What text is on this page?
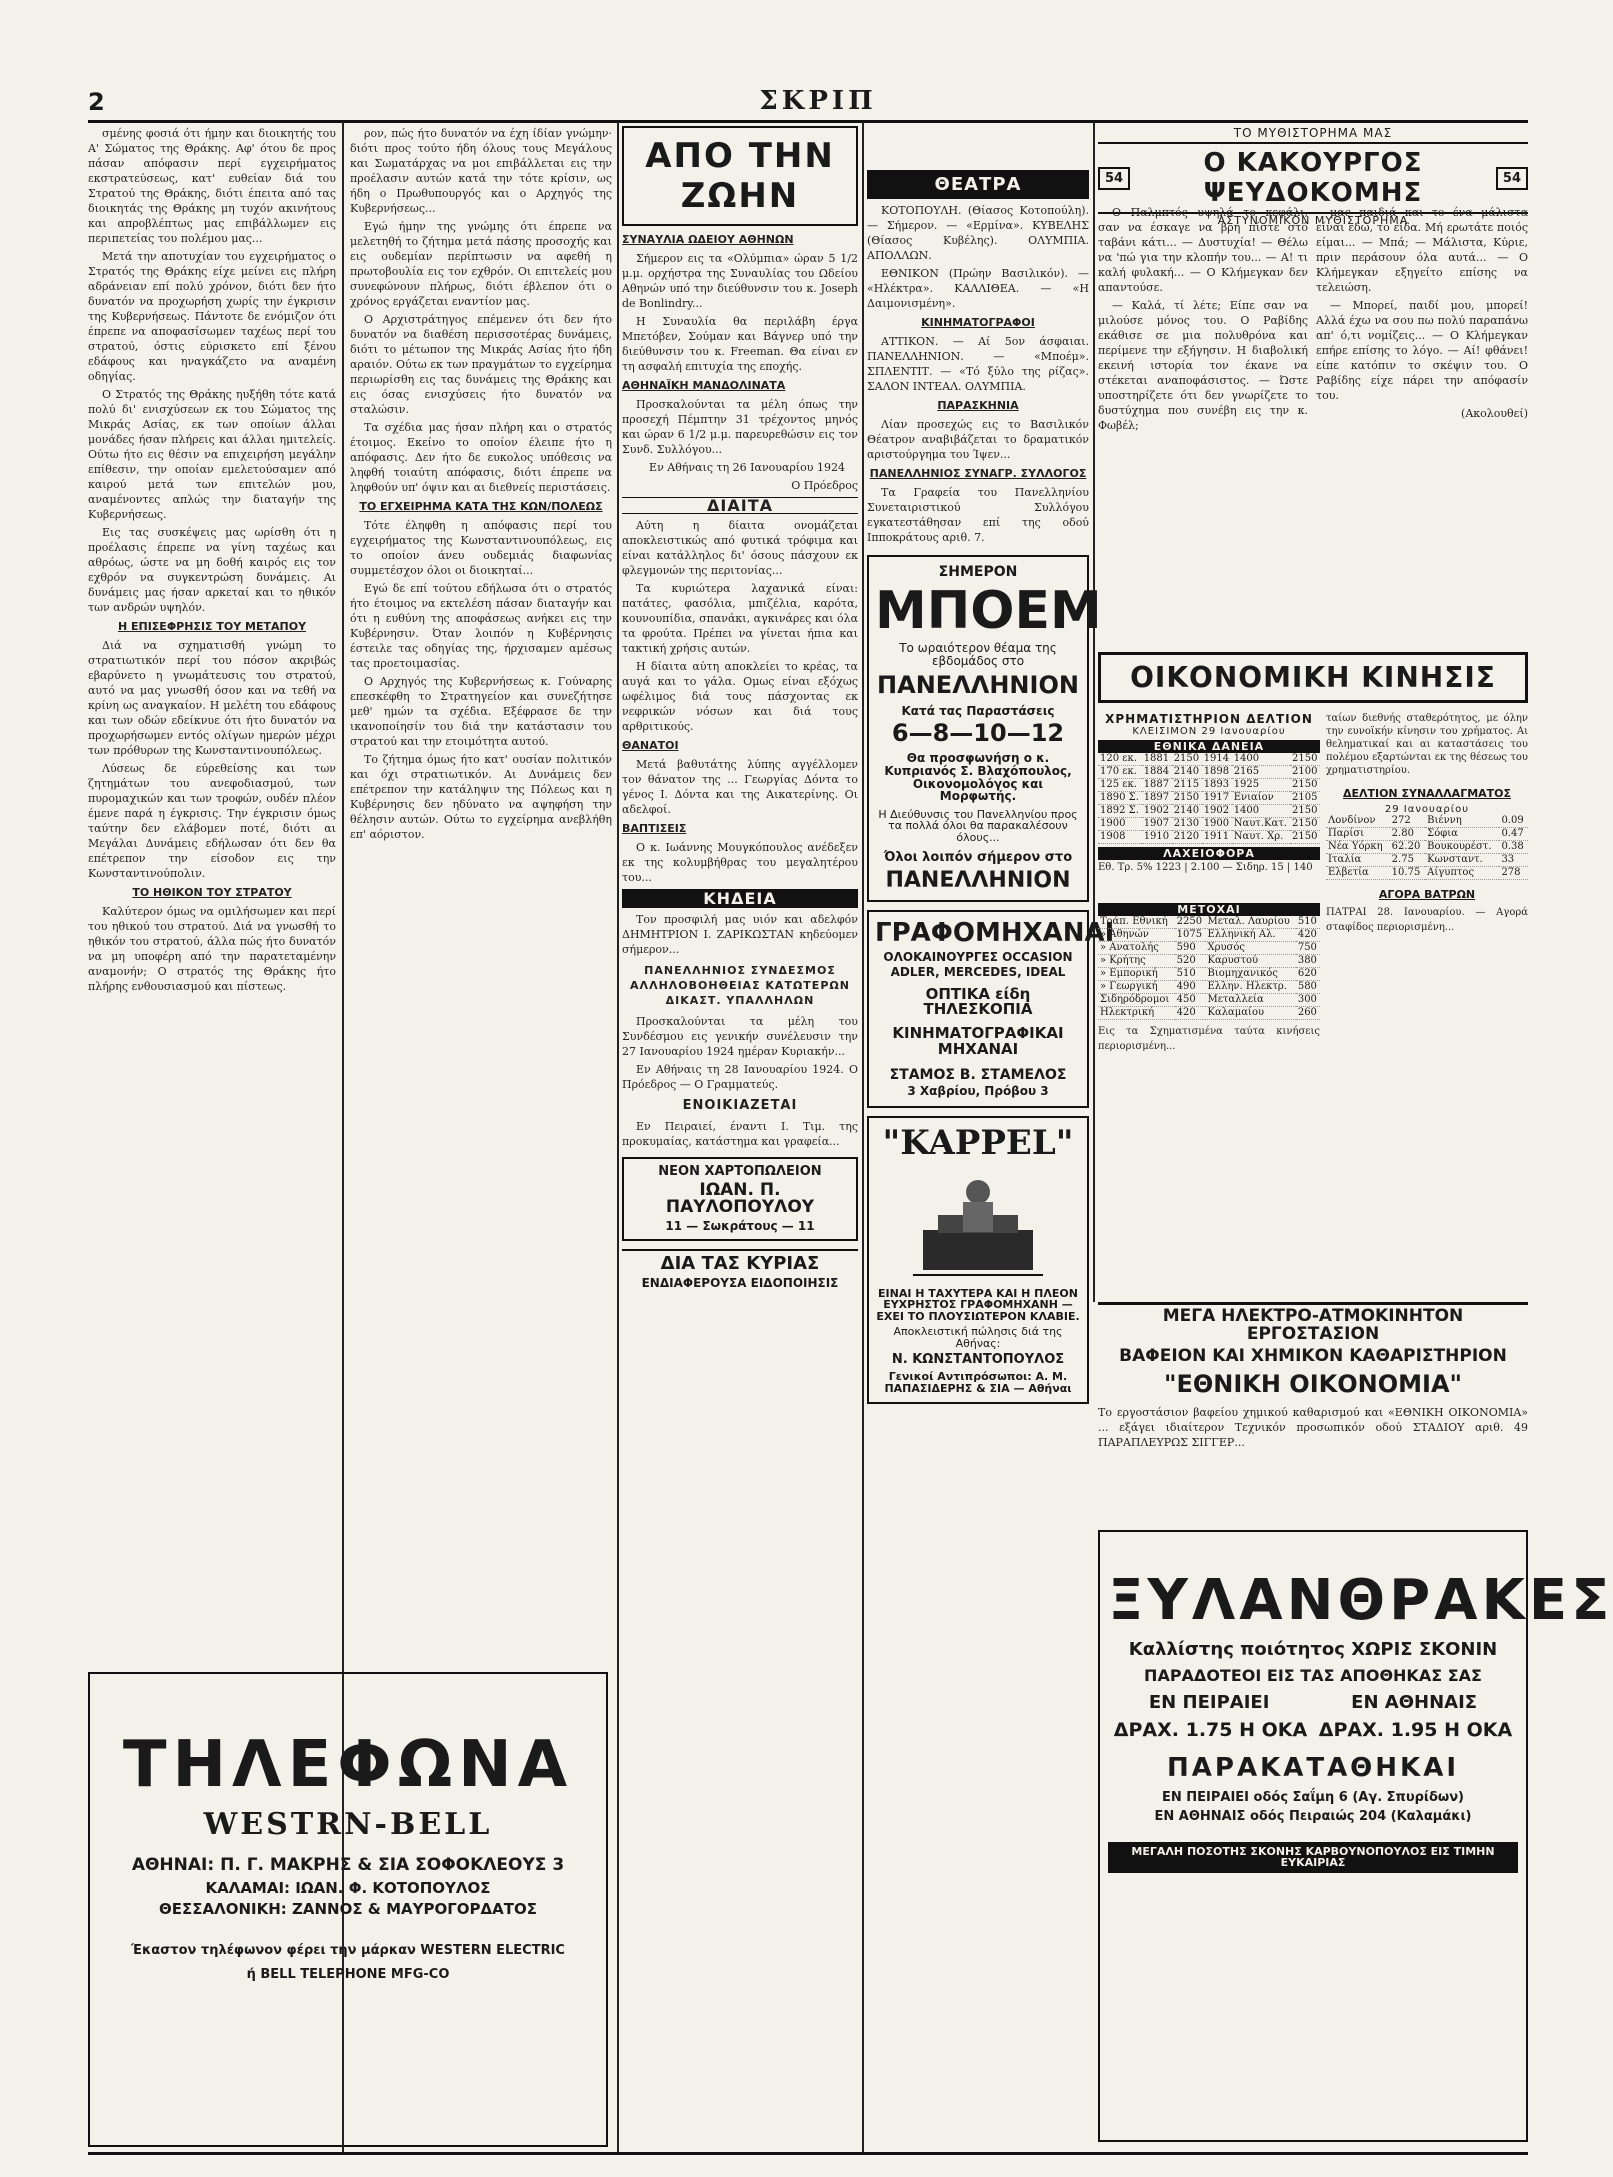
2	ΣΚΡΙΠ

σμένης φοσιά ότι ήμην και διοικητής του Α' Σώματος της Θράκης. Αφ' ότου δε προς πάσαν απόφασιν περί εγχειρήματος εκστρατεύσεως, κατ' ευθείαν διά του Στρατού της Θράκης, διότι έπειτα από τας διοικητάς της Θράκης μη τυχόν ακινήτους και απροβλέπτως μας επιβάλλωμεν εις περιπετείας του πολέμου μας...

Μετά την αποτυχίαν του εγχειρήματος ο Στρατός της Θράκης είχε μείνει εις πλήρη αδράνειαν επί πολύ χρόνον, διότι δεν ήτο δυνατόν να προχωρήση χωρίς την έγκρισιν της Κυβερνήσεως. Πάντοτε δε ενόμιζον ότι έπρεπε να αποφασίσωμεν ταχέως περί του στρατού, όστις εύρισκετο επί ξένου εδάφους και ηναγκάζετο να αναμένη οδηγίας.

Ο Στρατός της Θράκης ηυξήθη τότε κατά πολύ δι' ενισχύσεων εκ του Σώματος της Μικράς Ασίας, εκ των οποίων άλλαι μονάδες ήσαν πλήρεις και άλλαι ημιτελείς. Ούτω ήτο εις θέσιν να επιχειρήση μεγάλην επίθεσιν, την οποίαν εμελετούσαμεν από καιρού μετά των επιτελών μου, αναμένοντες απλώς την διαταγήν της Κυβερνήσεως.

Εις τας συσκέψεις μας ωρίσθη ότι η προέλασις έπρεπε να γίνη ταχέως και αθρόως, ώστε να μη δοθή καιρός εις τον εχθρόν να συγκεντρώση δυνάμεις. Αι δυνάμεις μας ήσαν αρκεταί και το ηθικόν των ανδρών υψηλόν.

Η ΕΠΙΣΕΦΡΗΣΙΣ ΤΟΥ ΜΕΤΑΠΟΥ

Διά να σχηματισθή γνώμη το στρατιωτικόν περί του πόσον ακριβώς εβαρύνετο η γνωμάτευσις του στρατού, αυτό να μας γνωσθή όσον και να τεθή να κρίνη ως αναγκαίον. Η μελέτη του εδάφους και των οδών εδείκνυε ότι ήτο δυνατόν να προχωρήσωμεν εντός ολίγων ημερών μέχρι των πρόθυρων της Κωνσταντινουπόλεως.

Λύσεως δε εύρεθείσης και των ζητημάτων του ανεφοδιασμού, των πυρομαχικών και των τροφών, ουδέν πλέον έμενε παρά η έγκρισις. Την έγκρισιν όμως ταύτην δεν ελάβομεν ποτέ, διότι αι Μεγάλαι Δυνάμεις εδήλωσαν ότι δεν θα επέτρεπον την είσοδον εις την Κωνσταντινούπολιν.

ΤΟ ΗΘΙΚΟΝ ΤΟΥ ΣΤΡΑΤΟΥ

Καλύτερον όμως να ομιλήσωμεν και περί του ηθικού του στρατού. Διά να γνωσθή το ηθικόν του στρατού, άλλα πώς ήτο δυνατόν να μη υποφέρη από την παρατεταμένην αναμονήν; Ο στρατός της Θράκης ήτο πλήρης ενθουσιασμού και πίστεως.

ΤΗΛΕΦΩΝΑ
WESTRN-BELL
ΑΘΗΝΑΙ: Π. Γ. ΜΑΚΡΗΣ & ΣΙΑ ΣΟΦΟΚΛΕΟΥΣ 3
ΚΑΛΑΜΑΙ: ΙΩΑΝ. Φ. ΚΟΤΟΠΟΥΛΟΣ
ΘΕΣΣΑΛΟΝΙΚΗ: ΖΑΝΝΟΣ & ΜΑΥΡΟΓΟΡΔΑΤΟΣ
Έκαστον τηλέφωνον φέρει την μάρκαν WESTERN ELECTRIC
ή BELL TELEPHONE MFG-CO

ρον, πώς ήτο δυνατόν να έχη ίδίαν γνώμην· διότι προς τούτο ήδη όλους τους Μεγάλους και Σωματάρχας να μοι επιβάλλεται εις την προέλασιν αυτών κατά την τότε κρίσιν, ως ήδη ο Πρωθυπουργός και ο Αρχηγός της Κυβερνήσεως...

Εγώ ήμην της γνώμης ότι έπρεπε να μελετηθή το ζήτημα μετά πάσης προσοχής και εις ουδεμίαν περίπτωσιν να αφεθή η πρωτοβουλία εις τον εχθρόν. Οι επιτελείς μου συνεφώνουν πλήρως, διότι έβλεπον ότι ο χρόνος εργάζεται εναντίον μας.

Ο Αρχιστράτηγος επέμενεν ότι δεν ήτο δυνατόν να διαθέση περισσοτέρας δυνάμεις, διότι το μέτωπον της Μικράς Ασίας ήτο ήδη αραιόν. Ούτω εκ των πραγμάτων το εγχείρημα περιωρίσθη εις τας δυνάμεις της Θράκης και εις όσας ενισχύσεις ήτο δυνατόν να σταλώσιν.

Τα σχέδια μας ήσαν πλήρη και ο στρατός έτοιμος. Εκείνο το οποίον έλειπε ήτο η απόφασις. Δεν ήτο δε ευκολος υπόθεσις να ληφθή τοιαύτη απόφασις, διότι έπρεπε να ληφθούν υπ' όψιν και αι διεθνείς περιστάσεις.

ΤΟ ΕΓΧΕΙΡΗΜΑ ΚΑΤΑ ΤΗΣ ΚΩΝ/ΠΟΛΕΩΣ

Τότε έληφθη η απόφασις περί του εγχειρήματος της Κωνσταντινουπόλεως, εις το οποίον άνευ ουδεμιάς διαφωνίας συμμετέσχον όλοι οι διοικηταί...

Εγώ δε επί τούτου εδήλωσα ότι ο στρατός ήτο έτοιμος να εκτελέση πάσαν διαταγήν και ότι η ευθύνη της αποφάσεως ανήκει εις την Κυβέρνησιν. Όταν λοιπόν η Κυβέρνησις έστειλε τας οδηγίας της, ήρχισαμεν αμέσως τας προετοιμασίας.

Ο Αρχηγός της Κυβερνήσεως κ. Γούναρης επεσκέφθη το Στρατηγείον και συνεζήτησε μεθ' ημών τα σχέδια. Εξέφρασε δε την ικανοποίησίν του διά την κατάστασιν του στρατού και την ετοιμότητα αυτού.

Το ζήτημα όμως ήτο κατ' ουσίαν πολιτικόν και όχι στρατιωτικόν. Αι Δυνάμεις δεν επέτρεπον την κατάληψιν της Πόλεως και η Κυβέρνησις δεν ηδύνατο να αψηφήση την θέλησιν αυτών. Ούτω το εγχείρημα ανεβλήθη επ' αόριστον.

ΑΠΟ ΤΗΝ ΖΩΗΝ
ΣΥΝΑΥΛΙΑ ΩΔΕΙΟΥ ΑΘΗΝΩΝ

Σήμερον εις τα «Ολύμπια» ώραν 5 1/2 μ.μ. ορχήστρα της Συναυλίας του Ωδείου Αθηνών υπό την διεύθυνσιν του κ. Joseph de Bonlindry...

Η Συναυλία θα περιλάβη έργα Μπετόβεν, Σούμαν και Βάγνερ υπό την διεύθυνσιν του κ. Freeman. Θα είναι εν τη ασφαλή επιτυχία της εποχής.

ΑΘΗΝΑΪΚΗ ΜΑΝΔΟΛΙΝΑΤΑ

Προσκαλούνται τα μέλη όπως την προσεχή Πέμπτην 31 τρέχοντος μηνός και ώραν 6 1/2 μ.μ. παρευρεθώσιν εις τον Συνδ. Συλλόγου...

Εν Αθήναις τη 26 Ιανουαρίου 1924

Ο Πρόεδρος

ΔΙΑΙΤΑ

Αύτη η δίαιτα ονομάζεται αποκλειστικώς από φυτικά τρόφιμα και είναι κατάλληλος δι' όσους πάσχουν εκ φλεγμονών της περιτονίας...

Τα κυριώτερα λαχανικά είναι: πατάτες, φασόλια, μπιζέλια, καρότα, κουνουπίδια, σπανάκι, αγκινάρες και όλα τα φρούτα. Πρέπει να γίνεται ήπια και τακτική χρήσις αυτών.

Η δίαιτα αύτη αποκλείει το κρέας, τα αυγά και το γάλα. Ομως είναι εξόχως ωφέλιμος διά τους πάσχοντας εκ νεφρικών νόσων και διά τους αρθριτικούς.

ΘΑΝΑΤΟΙ

Μετά βαθυτάτης λύπης αγγέλλομεν τον θάνατον της ... Γεωργίας Δόντα το γένος Ι. Δόντα και της Αικατερίνης. Οι αδελφοί.

ΒΑΠΤΙΣΕΙΣ

Ο κ. Ιωάννης Μουγκόπουλος ανέδεξεν εκ της κολυμβήθρας του μεγαλητέρου του...

ΚΗΔΕΙΑ

Τον προσφιλή μας υιόν και αδελφόν ΔΗΜΗΤΡΙΟΝ Ι. ΖΑΡΙΚΩΣΤΑΝ κηδεύομεν σήμερον...

ΠΑΝΕΛΛΗΝΙΟΣ ΣΥΝΔΕΣΜΟΣ ΑΛΛΗΛΟΒΟΗΘΕΙΑΣ ΚΑΤΩΤΕΡΩΝ ΔΙΚΑΣΤ. ΥΠΑΛΛΗΛΩΝ

Προσκαλούνται τα μέλη του Συνδέσμου εις γενικήν συνέλευσιν την 27 Ιανουαρίου 1924 ημέραν Κυριακήν...

Εν Αθήναις τη 28 Ιανουαρίου 1924. Ο Πρόεδρος — Ο Γραμματεύς.

ΕΝΟΙΚΙΑΖΕΤΑΙ

Εν Πειραιεί, έναντι Ι. Τιμ. της προκυμαίας, κατάστημα και γραφεία...

ΝΕΟΝ ΧΑΡΤΟΠΩΛΕΙΟΝ
ΙΩΑΝ. Π. ΠΑΥΛΟΠΟΥΛΟΥ
11 — Σωκράτους — 11
ΔΙΑ ΤΑΣ ΚΥΡΙΑΣ
ΕΝΔΙΑΦΕΡΟΥΣΑ ΕΙΔΟΠΟΙΗΣΙΣ
ΘΕΑΤΡΑ

ΚΟΤΟΠΟΥΛΗ. (Θίασος Κοτοπούλη). — Σήμερον. — «Ερμίνα». ΚΥΒΕΛΗΣ (Θίασος Κυβέλης). ΟΛΥΜΠΙΑ. ΑΠΟΛΛΩΝ.

ΕΘΝΙΚΟΝ (Πρώην Βασιλικόν). — «Ηλέκτρα». ΚΑΛΛΙΘΕΑ. — «Η Δαιμονισμένη».

ΚΙΝΗΜΑΤΟΓΡΑΦΟΙ

ΑΤΤΙΚΟΝ. — Αί 5ον άσφαιαι. ΠΑΝΕΛΛΗΝΙΟΝ. — «Μποέμ». ΣΠΛΕΝΤΙΤ. — «Τό ξύλο της ρίζας». ΣΑΛΟΝ ΙΝΤΕΑΛ. ΟΛΥΜΠΙΑ.

ΠΑΡΑΣΚΗΝΙΑ

Λίαν προσεχώς εις το Βασιλικόν Θέατρον αναβιβάζεται το δραματικόν αριστούργημα του Ίψεν...

ΠΑΝΕΛΛΗΝΙΟΣ ΣΥΝΑΓΡ. ΣΥΛΛΟΓΟΣ

Τα Γραφεία του Πανελληνίου Συνεταιριστικού Συλλόγου εγκατεστάθησαν επί της οδού Ιπποκράτους αριθ. 7.

ΣΗΜΕΡΟΝ
ΜΠΟΕΜ
Το ωραιότερον θέαμα της εβδομάδος στο
ΠΑΝΕΛΛΗΝΙΟΝ
Κατά τας Παραστάσεις
6—8—10—12
Θα προσφωνήση ο κ. Κυπριανός Σ. Βλαχόπουλος, Οικονομολόγος και Μορφωτής.
Η Διεύθυνσις του Πανελληνίου προς τα πολλά όλοι θα παρακαλέσουν όλους...
Όλοι λοιπόν σήμερον στο
ΠΑΝΕΛΛΗΝΙΟΝ
ΓΡΑΦΟΜΗΧΑΝΑΙ
ΟΛΟΚΑΙΝΟΥΡΓΕΣ OCCASION
ADLER, MERCEDES, IDEAL
ΟΠΤΙΚΑ είδη ΤΗΛΕΣΚΟΠΙΑ
ΚΙΝΗΜΑΤΟΓΡΑΦΙΚΑΙ ΜΗΧΑΝΑΙ
ΣΤΑΜΟΣ Β. ΣΤΑΜΕΛΟΣ
3 Χαβρίου, Πρόβου 3
"KAPPEL"
ΕΙΝΑΙ Η ΤΑΧΥΤΕΡΑ ΚΑΙ Η ΠΛΕΟΝ ΕΥΧΡΗΣΤΟΣ ΓΡΑΦΟΜΗΧΑΝΗ — ΕΧΕΙ ΤΟ ΠΛΟΥΣΙΩΤΕΡΟΝ ΚΛΑΒΙΕ.
Αποκλειστική πώλησις διά της Αθήνας:
Ν. ΚΩΝΣΤΑΝΤΟΠΟΥΛΟΣ
Γενικοί Αντιπρόσωποι: Α. Μ. ΠΑΠΑΣΙΔΕΡΗΣ & ΣΙΑ — Αθήναι
ΤΟ ΜΥΘΙΣΤΟΡΗΜΑ ΜΑΣ
54	Ο ΚΑΚΟΥΡΓΟΣ ΨΕΥΔΟΚΟΜΗΣ	54
ΑΣΤΥΝΟΜΙΚΟΝ ΜΥΘΙΣΤΟΡΗΜΑ

Ο Παλμπτός υψηλά το κεφάλι, σαν να έσκαγε να βρή πίστε στό ταβάνι κάτι... — Δυστυχία! — Θέλω να 'πώ για την κλοπήν του... — Α! τι καλή φυλακή... — Ο Κλήμεγκαν δεν απαντούσε.

— Καλά, τί λέτε; Είπε σαν να μιλούσε μόνος του. Ο Ραβίδης εκάθισε σε μια πολυθρόνα και περίμενε την εξήγησιν. Η διαβολική εκεινή ιστορία τον έκανε να στέκεται αναποφάσιστος. — Ώστε υποστηρίζετε ότι δεν γνωρίζετε το δυστύχημα που συνέβη εις την κ. Φωβέλ;

μας παιδιά και το ένα μάλιστα είναι εδώ, το είδα. Μή ερωτάτε ποιός είμαι... — Μπά; — Μάλιστα, Κύριε, πριν περάσουν όλα αυτά... — Ο Κλήμεγκαν εξηγείτο επίσης να τελειώση.

— Μπορεί, παιδί μου, μπορεί! Αλλά έχω να σου πω πολύ παραπάνω απ' ό,τι νομίζεις... — Ο Κλήμεγκαν επήρε επίσης το λόγο. — Αί! φθάνει! είπε κατόπιν το σκέψιν του. Ο Ραβίδης είχε πάρει την απόφασίν του.

(Ακολουθεί)

ΟΙΚΟΝΟΜΙΚΗ ΚΙΝΗΣΙΣ
ΧΡΗΜΑΤΙΣΤΗΡΙΟΝ ΔΕΛΤΙΟΝ
ΚΛΕΙΣΙΜΟΝ 29 Ιανουαρίου
ΕΘΝΙΚΑ ΔΑΝΕΙΑ
120 εκ.	1881	2150	1914	1400	2150
170 εκ.	1884	2140	1898	2165	2100
125 εκ.	1887	2115	1893	1925	2150
1890 Σ.	1897	2150	1917	Ενιαίον	2105
1892 Σ.	1902	2140	1902	1400	2150
1900	1907	2130	1900	Ναυτ.Κατ.	2150
1908	1910	2120	1911	Ναυτ. Χρ.	2150
ΛΑΧΕΙΟΦΟΡΑ
Εθ. Τρ. 5% 1223 | 2.100 — Σιδηρ. 15 | 140
ΜΕΤΟΧΑΙ
Τράπ. Εθνική	2250	Μεταλ. Λαυρίου	510
» Αθηνών	1075	Ελληνική Αλ.	420
» Ανατολής	590	Χρυσός	750
» Κρήτης	520	Καρυστού	380
» Εμπορική	510	Βιομηχανικός	620
» Γεωργική	490	Ελλην. Ηλεκτρ.	580
Σιδηρόδρομοι	450	Μεταλλεία	300
Ηλεκτρική	420	Καλαμαίου	260
Εις τα Σχηματισμένα ταύτα κινήσεις περιορισμένη...
ταίων διεθνής σταθερότητος, με όλην την ευνοϊκήν κίνησιν του χρήματος. Αι θεληματικαί και αι καταστάσεις του πολέμου εξαρτώνται εκ της θέσεως του χρηματιστηρίου.
ΔΕΛΤΙΟΝ ΣΥΝΑΛΛΑΓΜΑΤΟΣ
29 Ιανουαρίου
Λονδίνον	272	Βιέννη	0.09
Παρίσι	2.80	Σόφια	0.47
Νέα Υόρκη	62.20	Βουκουρέστ.	0.38
Ιταλία	2.75	Κωνσταντ.	33
Ελβετία	10.75	Αίγυπτος	278
ΑΓΟΡΑ ΒΑΤΡΩΝ
ΠΑΤΡΑΙ 28. Ιανουαρίου. — Αγορά σταφίδος περιορισμένη...
ΜΕΓΑ ΗΛΕΚΤΡΟ-ΑΤΜΟΚΙΝΗΤΟΝ ΕΡΓΟΣΤΑΣΙΟΝ
ΒΑΦΕΙΟΝ ΚΑΙ ΧΗΜΙΚΟΝ ΚΑΘΑΡΙΣΤΗΡΙΟΝ
"ΕΘΝΙΚΗ ΟΙΚΟΝΟΜΙΑ"
Το εργοστάσιον βαφείου χημικού καθαρισμού και «ΕΘΝΙΚΗ ΟΙΚΟΝΟΜΙΑ» ... εξάγει ιδιαίτερον Τεχνικόν προσωπικόν οδού ΣΤΑΔΙΟΥ αριθ. 49 ΠΑΡΑΠΛΕΥΡΩΣ ΣΙΓΓΕΡ...
ΞΥΛΑΝΘΡΑΚΕΣ
Καλλίστης ποιότητος ΧΩΡΙΣ ΣΚΟΝΙΝ
ΠΑΡΑΔΟΤΕΟΙ ΕΙΣ ΤΑΣ ΑΠΟΘΗΚΑΣ ΣΑΣ
ΕΝ ΠΕΙΡΑΙΕΙ	ΕΝ ΑΘΗΝΑΙΣ
ΔΡΑΧ. 1.75 Η ΟΚΑ ΔΡΑΧ. 1.95 Η ΟΚΑ
ΠΑΡΑΚΑΤΑΘΗΚΑΙ
ΕΝ ΠΕΙΡΑΙΕΙ οδός Σαΐμη 6 (Αγ. Σπυρίδων)
ΕΝ ΑΘΗΝΑΙΣ οδός Πειραιώς 204 (Καλαμάκι)
ΜΕΓΑΛΗ ΠΟΣΟΤΗΣ ΣΚΟΝΗΣ ΚΑΡΒΟΥΝΟΠΟΥΛΟΣ ΕΙΣ ΤΙΜΗΝ ΕΥΚΑΙΡΙΑΣ
